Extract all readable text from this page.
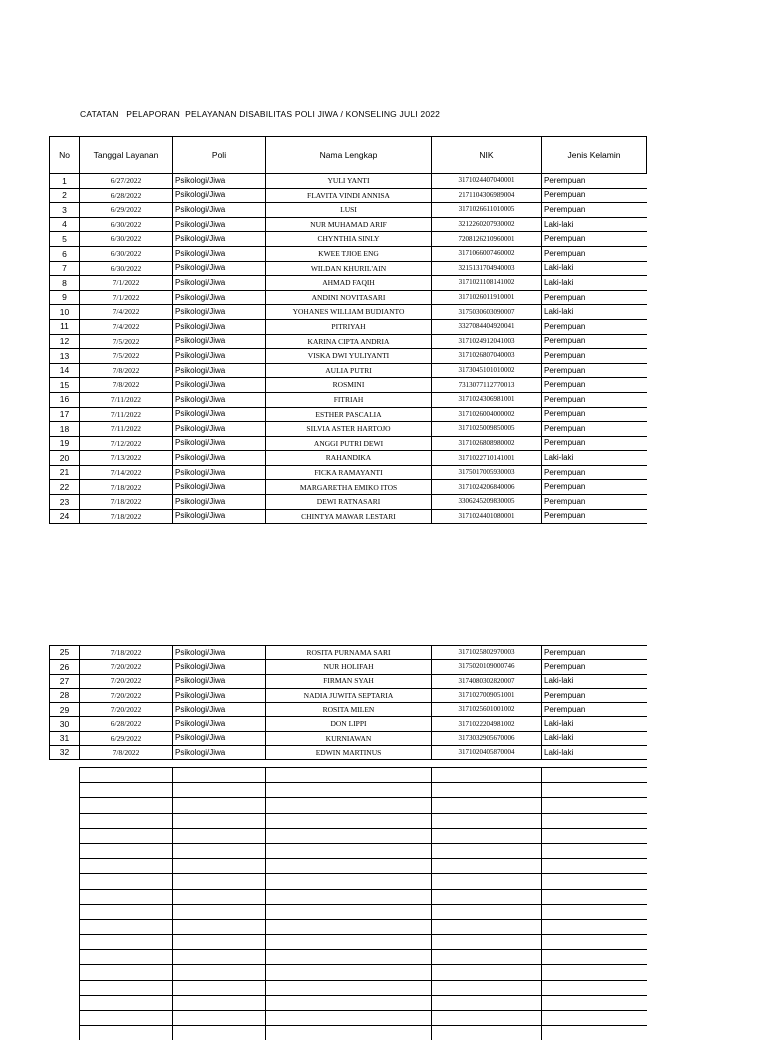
CATATAN   PELAPORAN  PELAYANAN DISABILITAS POLI JIWA / KONSELING JULI 2022
No	Tanggal Layanan	Poli	Nama Lengkap	NIK	Jenis Kelamin
1	6/27/2022	Psikologi/Jiwa	YULI YANTI	3171024407040001	Perempuan
2	6/28/2022	Psikologi/Jiwa	FLAVITA VINDI ANNISA	2171104306989004	Perempuan
3	6/29/2022	Psikologi/Jiwa	LUSI	3171026611010005	Perempuan
4	6/30/2022	Psikologi/Jiwa	NUR MUHAMAD ARIF	3212260207930002	Laki-laki
5	6/30/2022	Psikologi/Jiwa	CHYNTHIA SINLY	7208126210960001	Perempuan
6	6/30/2022	Psikologi/Jiwa	KWEE TJIOE ENG	3171066007460002	Perempuan
7	6/30/2022	Psikologi/Jiwa	WILDAN KHURIL'AIN	3215131704940003	Laki-laki
8	7/1/2022	Psikologi/Jiwa	AHMAD FAQIH	3171021108141002	Laki-laki
9	7/1/2022	Psikologi/Jiwa	ANDINI NOVITASARI	3171026011910001	Perempuan
10	7/4/2022	Psikologi/Jiwa	YOHANES WILLIAM BUDIANTO	3175030603090007	Laki-laki
11	7/4/2022	Psikologi/Jiwa	PITRIYAH	3327084404920041	Perempuan
12	7/5/2022	Psikologi/Jiwa	KARINA CIPTA ANDRIA	3171024912041003	Perempuan
13	7/5/2022	Psikologi/Jiwa	VISKA DWI YULIYANTI	3171026807040003	Perempuan
14	7/8/2022	Psikologi/Jiwa	AULIA PUTRI	3173045101010002	Perempuan
15	7/8/2022	Psikologi/Jiwa	ROSMINI	7313077112770013	Perempuan
16	7/11/2022	Psikologi/Jiwa	FITRIAH	3171024306981001	Perempuan
17	7/11/2022	Psikologi/Jiwa	ESTHER PASCALIA	3171026004000002	Perempuan
18	7/11/2022	Psikologi/Jiwa	SILVIA ASTER HARTOJO	3171025009850005	Perempuan
19	7/12/2022	Psikologi/Jiwa	ANGGI PUTRI DEWI	3171026808980002	Perempuan
20	7/13/2022	Psikologi/Jiwa	RAHANDIKA	3171022710141001	Laki-laki
21	7/14/2022	Psikologi/Jiwa	FICKA RAMAYANTI	3175017005930003	Perempuan
22	7/18/2022	Psikologi/Jiwa	MARGARETHA EMIKO ITOS	3171024206840006	Perempuan
23	7/18/2022	Psikologi/Jiwa	DEWI RATNASARI	3306245209830005	Perempuan
24	7/18/2022	Psikologi/Jiwa	CHINTYA MAWAR LESTARI	3171024401080001	Perempuan
25	7/18/2022	Psikologi/Jiwa	ROSITA PURNAMA SARI	3171025802970003	Perempuan
26	7/20/2022	Psikologi/Jiwa	NUR HOLIFAH	3175020109000746	Perempuan
27	7/20/2022	Psikologi/Jiwa	FIRMAN SYAH	3174080302820007	Laki-laki
28	7/20/2022	Psikologi/Jiwa	NADIA JUWITA SEPTARIA	3171027009051001	Perempuan
29	7/20/2022	Psikologi/Jiwa	ROSITA MILEN	3171025601001002	Perempuan
30	6/28/2022	Psikologi/Jiwa	DON LIPPI	3171022204981002	Laki-laki
31	6/29/2022	Psikologi/Jiwa	KURNIAWAN	3173032905670006	Laki-laki
32	7/8/2022	Psikologi/Jiwa	EDWIN MARTINUS	3171020405870004	Laki-laki
